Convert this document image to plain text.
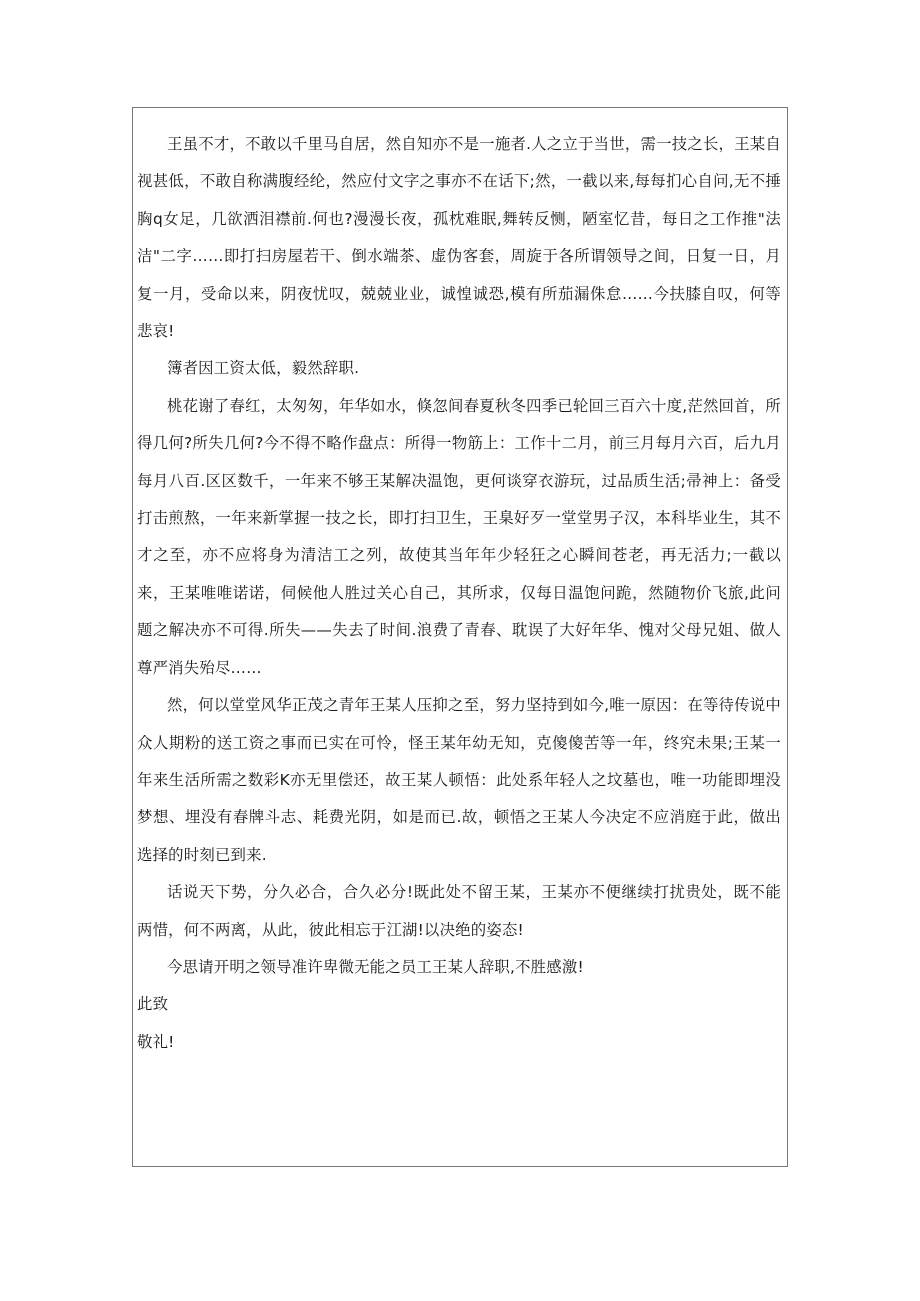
王虽不才，不敢以千里马自居，然自知亦不是一施者.人之立于当世，需一技之长，王某自视甚低，不敢自称满腹经纶，然应付文字之事亦不在话下;然，一截以来,每每扪心自问,无不捶胸q女足，几欲洒泪襟前.何也?漫漫长夜，孤枕难眠,舞转反恻，陋室忆昔，每日之工作推"法洁"二字……即打扫房屋若干、倒水端茶、虚伪客套，周旋于各所谓领导之间，日复一日，月复一月，受命以来，阴夜忧叹，兢兢业业，诚惶诚恐,模有所茄漏侏怠……今扶膝自叹，何等悲哀!

簿者因工资太低，毅然辞职.

桃花谢了春红，太匆匆，年华如水，倏忽间春夏秋冬四季已轮回三百六十度,茫然回首，所得几何?所失几何?今不得不略作盘点：所得一物筋上：工作十二月，前三月每月六百，后九月每月八百.区区数千，一年来不够王某解决温饱，更何谈穿衣游玩，过品质生活;帚神上：备受打击煎熬，一年来新掌握一技之长，即打扫卫生，王臬好歹一堂堂男子汉，本科毕业生，其不才之至，亦不应将身为清洁工之列，故使其当年年少轻狂之心瞬间苍老，再无活力;一截以来，王某唯唯诺诺，伺候他人胜过关心自己，其所求，仅每日温饱问跪，然随物价飞旅,此问题之解决亦不可得.所失——失去了时间.浪费了青春、耽误了大好年华、愧对父母兄姐、做人尊严消失殆尽……

然，何以堂堂风华正茂之青年王某人压抑之至，努力坚持到如今,唯一原因：在等待传说中众人期粉的送工资之事而已实在可怜，怪王某年幼无知，克傻傻苦等一年，终究未果;王某一年来生活所需之数彩K亦无里偿还，故王某人顿悟：此处系年轻人之坟墓也，唯一功能即埋没梦想、埋没有春牌斗志、耗费光阴，如是而已.故，顿悟之王某人今决定不应消庭于此，做出选择的时刻已到来.

话说天下势，分久必合，合久必分!既此处不留王某，王某亦不便继续打扰贵处，既不能两惜，何不两离，从此，彼此相忘于江湖!以决绝的姿态!

今思请开明之领导准许卑微无能之员工王某人辞职,不胜感激!

此致

敬礼!
